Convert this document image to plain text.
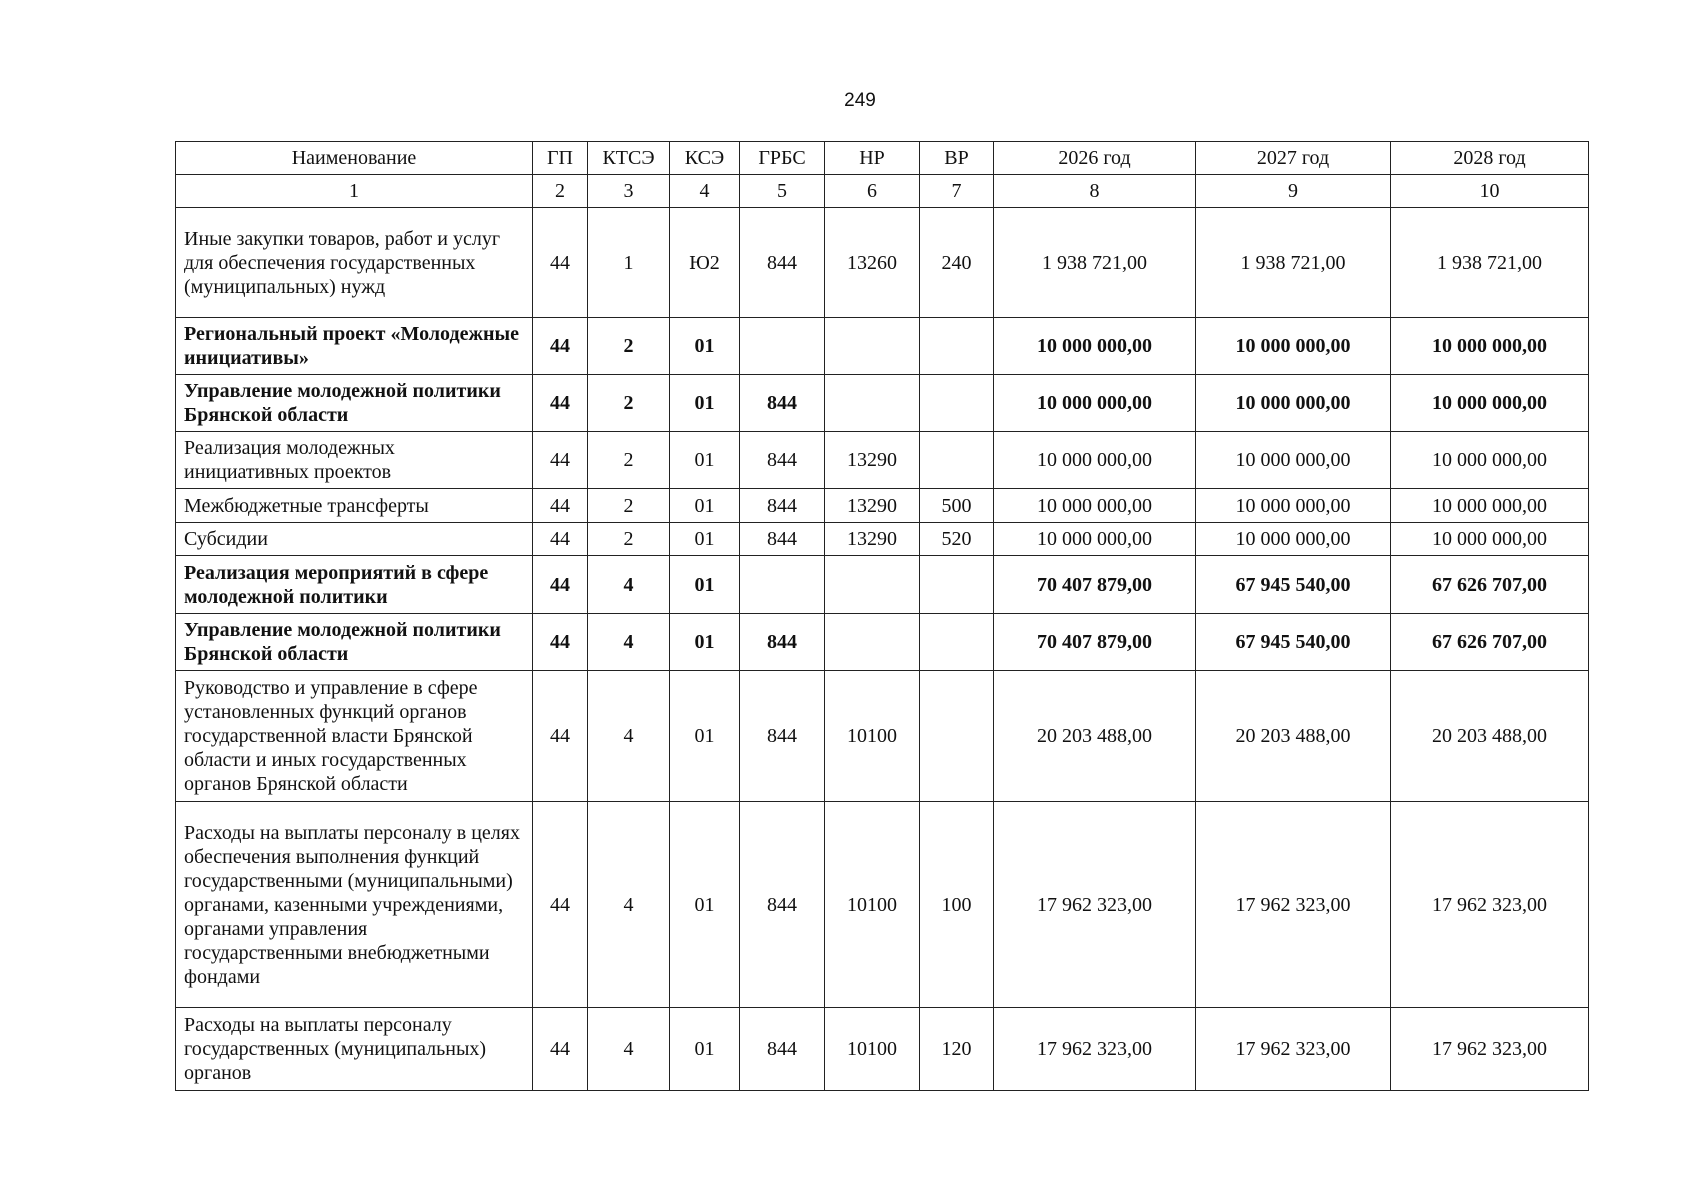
249
Наименование	ГП	КТСЭ	КСЭ	ГРБС	НР	ВР	2026 год	2027 год	2028 год
1	2	3	4	5	6	7	8	9	10
Иные закупки товаров, работ и услуг для обеспечения государственных (муниципальных) нужд	44	1	Ю2	844	13260	240	1 938 721,00	1 938 721,00	1 938 721,00
Региональный проект «Молодежные инициативы»	44	2	01				10 000 000,00	10 000 000,00	10 000 000,00
Управление молодежной политики Брянской области	44	2	01	844			10 000 000,00	10 000 000,00	10 000 000,00
Реализация молодежных инициативных проектов	44	2	01	844	13290		10 000 000,00	10 000 000,00	10 000 000,00
Межбюджетные трансферты	44	2	01	844	13290	500	10 000 000,00	10 000 000,00	10 000 000,00
Субсидии	44	2	01	844	13290	520	10 000 000,00	10 000 000,00	10 000 000,00
Реализация мероприятий в сфере молодежной политики	44	4	01				70 407 879,00	67 945 540,00	67 626 707,00
Управление молодежной политики Брянской области	44	4	01	844			70 407 879,00	67 945 540,00	67 626 707,00
Руководство и управление в сфере установленных функций органов государственной власти Брянской области и иных государственных органов Брянской области	44	4	01	844	10100		20 203 488,00	20 203 488,00	20 203 488,00
Расходы на выплаты персоналу в целях обеспечения выполнения функций государственными (муниципальными) органами, казенными учреждениями, органами управления государственными внебюджетными фондами	44	4	01	844	10100	100	17 962 323,00	17 962 323,00	17 962 323,00
Расходы на выплаты персоналу государственных (муниципальных) органов	44	4	01	844	10100	120	17 962 323,00	17 962 323,00	17 962 323,00
